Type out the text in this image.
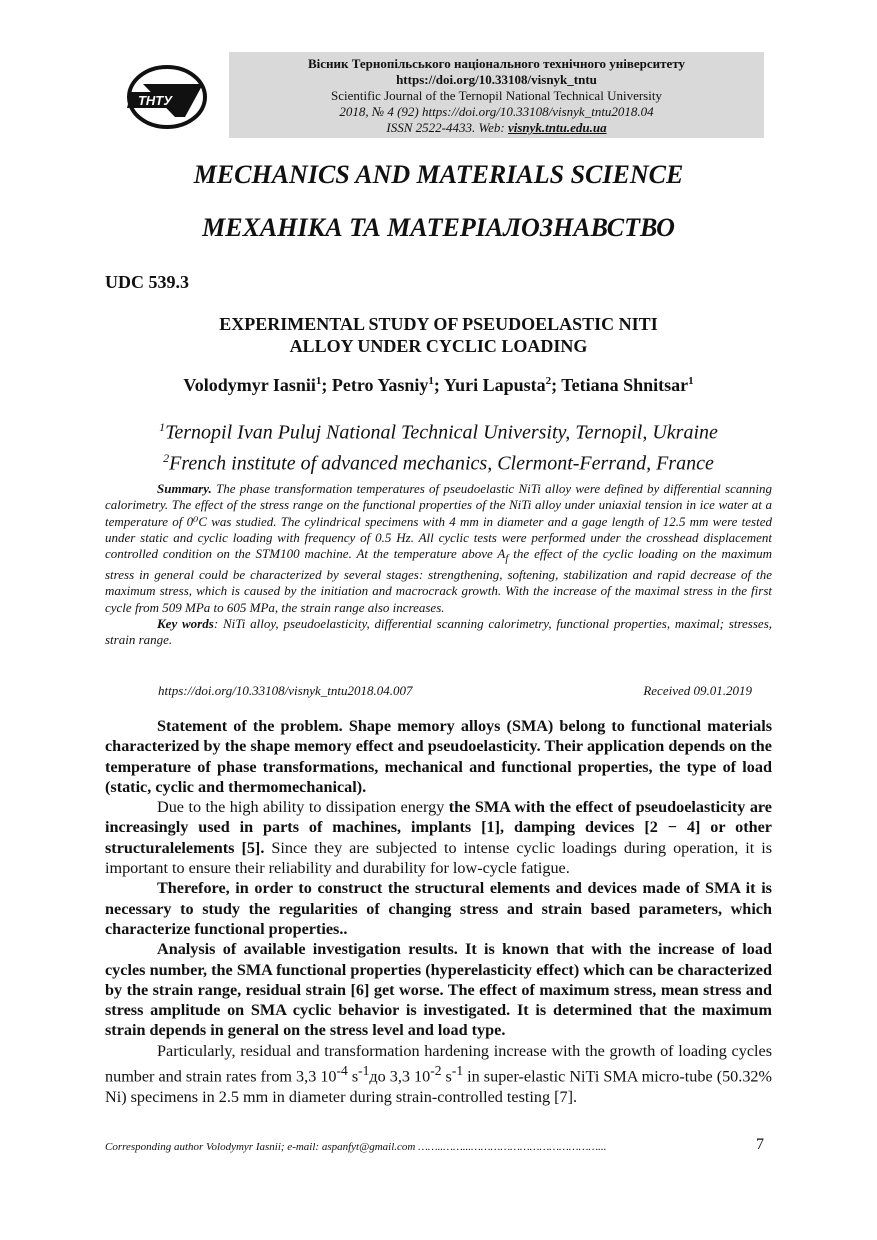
ТНТУ
Вісник Тернопільського національного технічного університету
https://doi.org/10.33108/visnyk_tntu
Scientific Journal of the Ternopil National Technical University
2018, № 4 (92) https://doi.org/10.33108/visnyk_tntu2018.04
ISSN 2522-4433. Web: visnyk.tntu.edu.ua
MECHANICS AND MATERIALS SCIENCE
МЕХАНІКА ТА МАТЕРІАЛОЗНАВСТВО
UDC 539.3
EXPERIMENTAL STUDY OF PSEUDOELASTIC NITI
ALLOY UNDER CYCLIC LOADING
Volodymyr Iasnii$^1$; Petro Yasniy$^1$; Yuri Lapusta$^2$; Tetiana Shnitsar$^1$
$^1$Ternopil Ivan Puluj National Technical University, Ternopil, Ukraine
$^2$French institute of advanced mechanics, Clermont-Ferrand, France
Summary. The phase transformation temperatures of pseudoelastic NiTi alloy were defined by differential scanning calorimetry. The effect of the stress range on the functional properties of the NiTi alloy under uniaxial tension in ice water at a temperature of 0⁰C was studied. The cylindrical specimens with 4 mm in diameter and a gage length of 12.5 mm were tested under static and cyclic loading with frequency of 0.5 Hz. All cyclic tests were performed under the crosshead displacement controlled condition on the STM100 machine. At the temperature above $A_f$ the effect of the cyclic loading on the maximum stress in general could be characterized by several stages: strengthening, softening, stabilization and rapid decrease of the maximum stress, which is caused by the initiation and macrocrack growth. With the increase of the maximal stress in the first cycle from 509 MPa to 605 MPa, the strain range also increases.
Key words: NiTi alloy, pseudoelasticity, differential scanning calorimetry, functional properties, maximal; stresses, strain range.
https://doi.org/10.33108/visnyk_tntu2018.04.007	Received 09.01.2019

Statement of the problem. Shape memory alloys (SMA) belong to functional materials characterized by the shape memory effect and pseudoelasticity. Their application depends on the temperature of phase transformations, mechanical and functional properties, the type of load (static, cyclic and thermomechanical).

Due to the high ability to dissipation energy the SMA with the effect of pseudoelasticity are increasingly used in parts of machines, implants [1], damping devices [2 − 4] or other structuralelements [5]. Since they are subjected to intense cyclic loadings during operation, it is important to ensure their reliability and durability for low-cycle fatigue.

Therefore, in order to construct the structural elements and devices made of SMA it is necessary to study the regularities of changing stress and strain based parameters, which characterize functional properties..

Analysis of available investigation results. It is known that with the increase of load cycles number, the SMA functional properties (hyperelasticity effect) which can be characterized by the strain range, residual strain [6] get worse. The effect of maximum stress, mean stress and stress amplitude on SMA cyclic behavior is investigated. It is determined that the maximum strain depends in general on the stress level and load type.

Particularly, residual and transformation hardening increase with the growth of loading cycles number and strain rates from 3,3 $10^{-4}$ $s^{-1}до$ 3,3 $10^{-2}$ $s^{-1}$ in super-elastic NiTi SMA micro-tube (50.32% Ni) specimens in 2.5 mm in diameter during strain-controlled testing [7].

Corresponding author Volodymyr Iasnii; e-mail: aspanfyt@gmail.com ……..……...…………………………………...	7
